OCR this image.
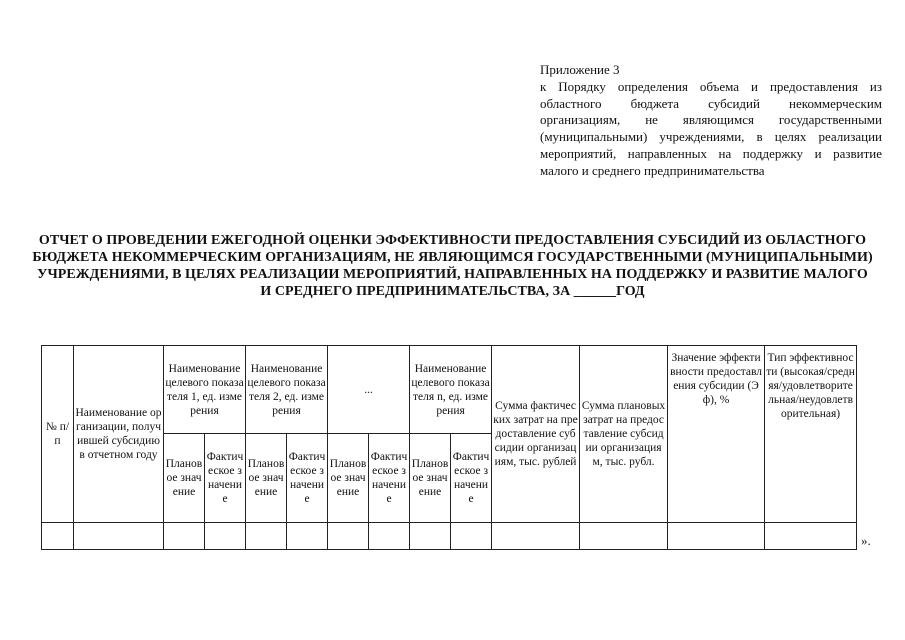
Приложение 3
к Порядку определения объема и предоставления из областного бюджета субсидий некоммерческим организациям, не являющимся государственными (муниципальными) учреждениями, в целях реализации мероприятий, направленных на поддержку и развитие малого и среднего предпринимательства
ОТЧЕТ О ПРОВЕДЕНИИ ЕЖЕГОДНОЙ ОЦЕНКИ ЭФФЕКТИВНОСТИ ПРЕДОСТАВЛЕНИЯ СУБСИДИЙ ИЗ ОБЛАСТНОГО БЮДЖЕТА НЕКОММЕРЧЕСКИМ ОРГАНИЗАЦИЯМ, НЕ ЯВЛЯЮЩИМСЯ ГОСУДАРСТВЕННЫМИ (МУНИЦИПАЛЬНЫМИ) УЧРЕЖДЕНИЯМИ, В ЦЕЛЯХ РЕАЛИЗАЦИИ МЕРОПРИЯТИЙ, НАПРАВЛЕННЫХ НА ПОДДЕРЖКУ И РАЗВИТИЕ МАЛОГО И СРЕДНЕГО ПРЕДПРИНИМАТЕЛЬСТВА, ЗА ______ГОД
№ п/п	Наименование организации, получившей субсидию в отчетном году	Наименование целевого показателя 1, ед. измерения		Наименование целевого показателя 2, ед. измерения		...		Наименование целевого показателя n, ед. измерения		Сумма фактических затрат на предоставление субсидии организациям, тыс. рублей	Сумма плановых затрат на предоставление субсидии организациям, тыс. рубл.	Значение эффективности предоставления субсидии (Эф), %	Тип эффективности (высокая/средняя/удовлетворительная/неудовлетворительная)
		Плановое значение	Фактическое значение	Плановое значение	Фактическое значение	Плановое значение	Фактическое значение	Плановое значение	Фактическое значение				

».
